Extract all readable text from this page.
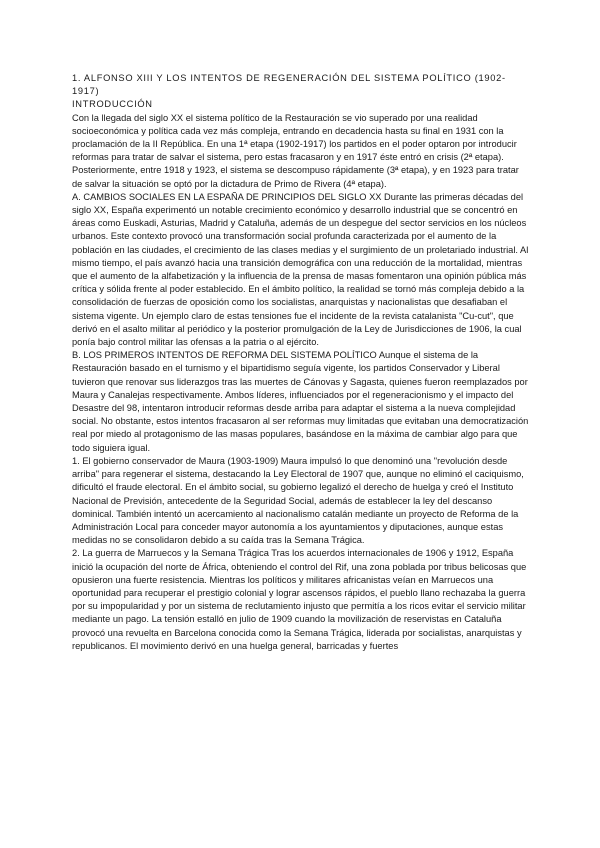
1. ALFONSO XIII Y LOS INTENTOS DE REGENERACIÓN DEL SISTEMA POLÍTICO (1902-1917)

INTRODUCCIÓN

Con la llegada del siglo XX el sistema político de la Restauración se vio superado por una realidad socioeconómica y política cada vez más compleja, entrando en decadencia hasta su final en 1931 con la proclamación de la II República. En una 1ª etapa (1902-1917) los partidos en el poder optaron por introducir reformas para tratar de salvar el sistema, pero estas fracasaron y en 1917 éste entró en crisis (2ª etapa). Posteriormente, entre 1918 y 1923, el sistema se descompuso rápidamente (3ª etapa), y en 1923 para tratar de salvar la situación se optó por la dictadura de Primo de Rivera (4ª etapa).

A. CAMBIOS SOCIALES EN LA ESPAÑA DE PRINCIPIOS DEL SIGLO XX Durante las primeras décadas del siglo XX, España experimentó un notable crecimiento económico y desarrollo industrial que se concentró en áreas como Euskadi, Asturias, Madrid y Cataluña, además de un despegue del sector servicios en los núcleos urbanos. Este contexto provocó una transformación social profunda caracterizada por el aumento de la población en las ciudades, el crecimiento de las clases medias y el surgimiento de un proletariado industrial. Al mismo tiempo, el país avanzó hacia una transición demográfica con una reducción de la mortalidad, mientras que el aumento de la alfabetización y la influencia de la prensa de masas fomentaron una opinión pública más crítica y sólida frente al poder establecido. En el ámbito político, la realidad se tornó más compleja debido a la consolidación de fuerzas de oposición como los socialistas, anarquistas y nacionalistas que desafiaban el sistema vigente. Un ejemplo claro de estas tensiones fue el incidente de la revista catalanista "Cu-cut", que derivó en el asalto militar al periódico y la posterior promulgación de la Ley de Jurisdicciones de 1906, la cual ponía bajo control militar las ofensas a la patria o al ejército.

B. LOS PRIMEROS INTENTOS DE REFORMA DEL SISTEMA POLÍTICO Aunque el sistema de la Restauración basado en el turnismo y el bipartidismo seguía vigente, los partidos Conservador y Liberal tuvieron que renovar sus liderazgos tras las muertes de Cánovas y Sagasta, quienes fueron reemplazados por Maura y Canalejas respectivamente. Ambos líderes, influenciados por el regeneracionismo y el impacto del Desastre del 98, intentaron introducir reformas desde arriba para adaptar el sistema a la nueva complejidad social. No obstante, estos intentos fracasaron al ser reformas muy limitadas que evitaban una democratización real por miedo al protagonismo de las masas populares, basándose en la máxima de cambiar algo para que todo siguiera igual.

1. El gobierno conservador de Maura (1903-1909) Maura impulsó lo que denominó una "revolución desde arriba" para regenerar el sistema, destacando la Ley Electoral de 1907 que, aunque no eliminó el caciquismo, dificultó el fraude electoral. En el ámbito social, su gobierno legalizó el derecho de huelga y creó el Instituto Nacional de Previsión, antecedente de la Seguridad Social, además de establecer la ley del descanso dominical. También intentó un acercamiento al nacionalismo catalán mediante un proyecto de Reforma de la Administración Local para conceder mayor autonomía a los ayuntamientos y diputaciones, aunque estas medidas no se consolidaron debido a su caída tras la Semana Trágica.

2. La guerra de Marruecos y la Semana Trágica Tras los acuerdos internacionales de 1906 y 1912, España inició la ocupación del norte de África, obteniendo el control del Rif, una zona poblada por tribus belicosas que opusieron una fuerte resistencia. Mientras los políticos y militares africanistas veían en Marruecos una oportunidad para recuperar el prestigio colonial y lograr ascensos rápidos, el pueblo llano rechazaba la guerra por su impopularidad y por un sistema de reclutamiento injusto que permitía a los ricos evitar el servicio militar mediante un pago. La tensión estalló en julio de 1909 cuando la movilización de reservistas en Cataluña provocó una revuelta en Barcelona conocida como la Semana Trágica, liderada por socialistas, anarquistas y republicanos. El movimiento derivó en una huelga general, barricadas y fuertes
